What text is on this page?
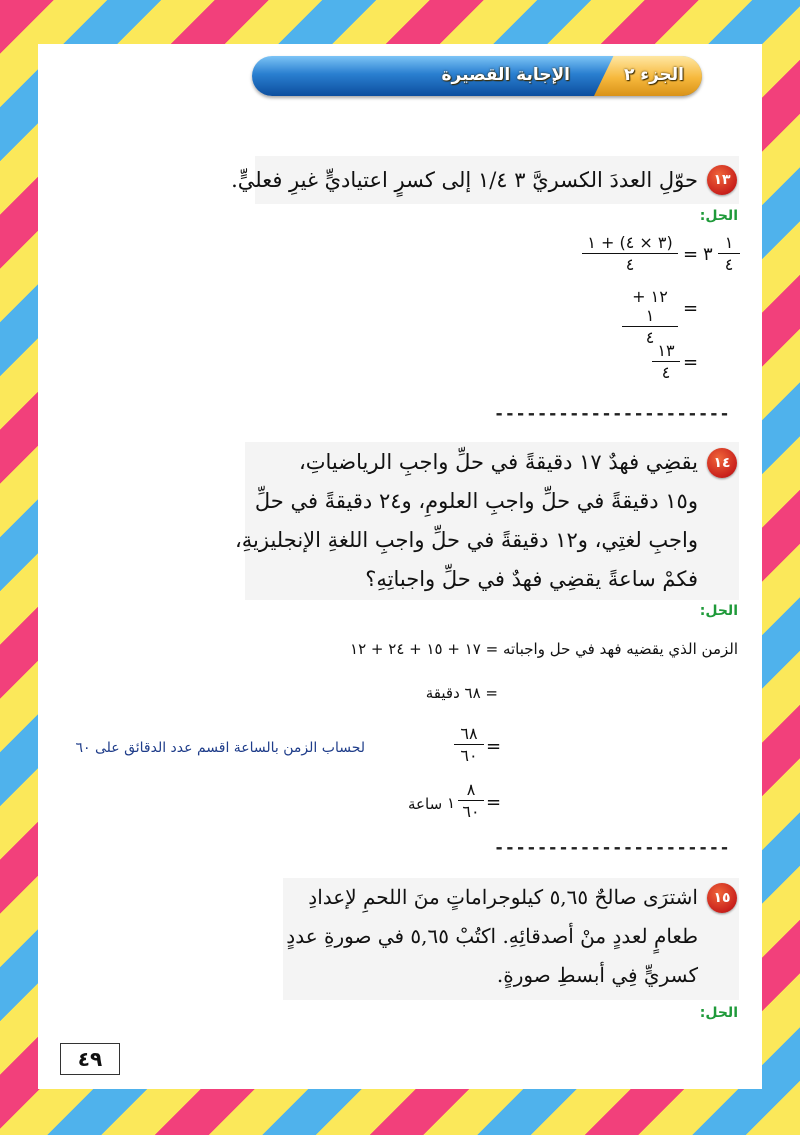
الجزء ٢
الإجابة القصيرة
١٣
حوّلِ العددَ الكسريَّ ٣ ١/٤ إلى كسرٍ اعتياديٍّ غيرِ فعليٍّ.
الحل:
١
٤
٣
=
(٣ × ٤) + ١
٤
=
١٢ + ١
٤
=
١٣
٤
----------------------
١٤
يقضِي فهدٌ ١٧ دقيقةً في حلِّ واجبِ الرياضياتِ،
و١٥ دقيقةً في حلِّ واجبِ العلومِ، و٢٤ دقيقةً في حلِّ
واجبِ لغتِي، و١٢ دقيقةً في حلِّ واجبِ اللغةِ الإنجليزيةِ،
فكمْ ساعةً يقضِي فهدٌ في حلِّ واجباتِهِ؟
الحل:
الزمن الذي يقضيه فهد في حل واجباته = ١٧ + ١٥ + ٢٤ + ١٢
= ٦٨ دقيقة
=
٦٨
٦٠
لحساب الزمن بالساعة اقسم عدد الدقائق على ٦٠
=
٨
٦٠
١
ساعة
----------------------
١٥
اشترَى صالحٌ ٥,٦٥ كيلوجراماتٍ منَ اللحمِ لإعدادِ
طعامٍ لعددٍ منْ أصدقائِهِ. اكتُبْ ٥,٦٥ في صورةِ عددٍ
كسريٍّ فِي أبسطِ صورةٍ.
الحل:
٤٩
